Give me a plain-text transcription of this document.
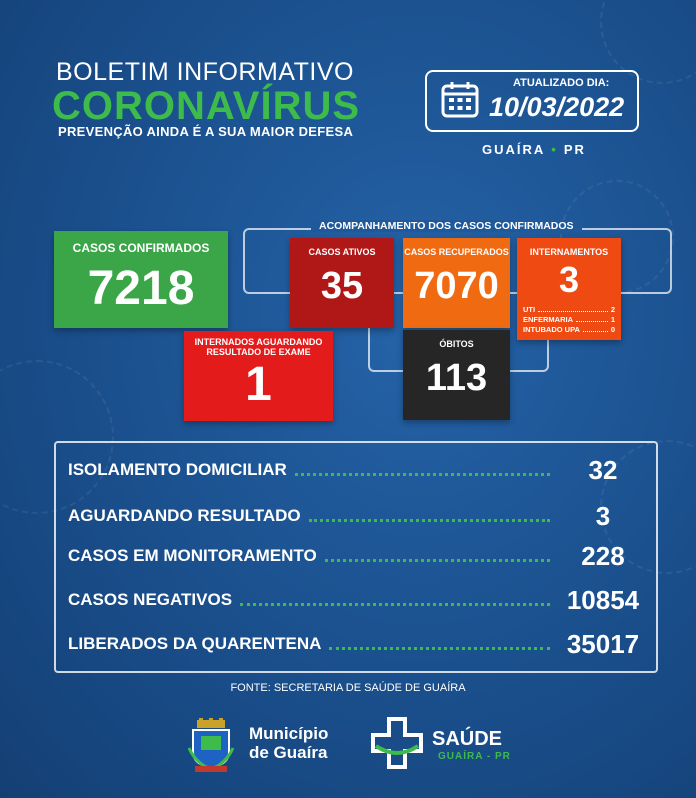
BOLETIM INFORMATIVO
CORONAVÍRUS
PREVENÇÃO AINDA É A SUA MAIOR DEFESA
ATUALIZADO DIA:
10/03/2022
GUAÍRA • PR
ACOMPANHAMENTO DOS CASOS CONFIRMADOS
CASOS CONFIRMADOS
7218
CASOS ATIVOS
35
CASOS RECUPERADOS
7070
INTERNAMENTOS
3
UTI	2
ENFERMARIA	1
INTUBADO UPA	0
INTERNADOS AGUARDANDO
RESULTADO DE EXAME
1
ÓBITOS
113
ISOLAMENTO DOMICILIAR	32
AGUARDANDO RESULTADO	3
CASOS EM MONITORAMENTO	228
CASOS NEGATIVOS	10854
LIBERADOS DA QUARENTENA	35017
FONTE: SECRETARIA DE SAÚDE DE GUAÍRA
Município
de Guaíra
SAÚDE
GUAÍRA - PR
